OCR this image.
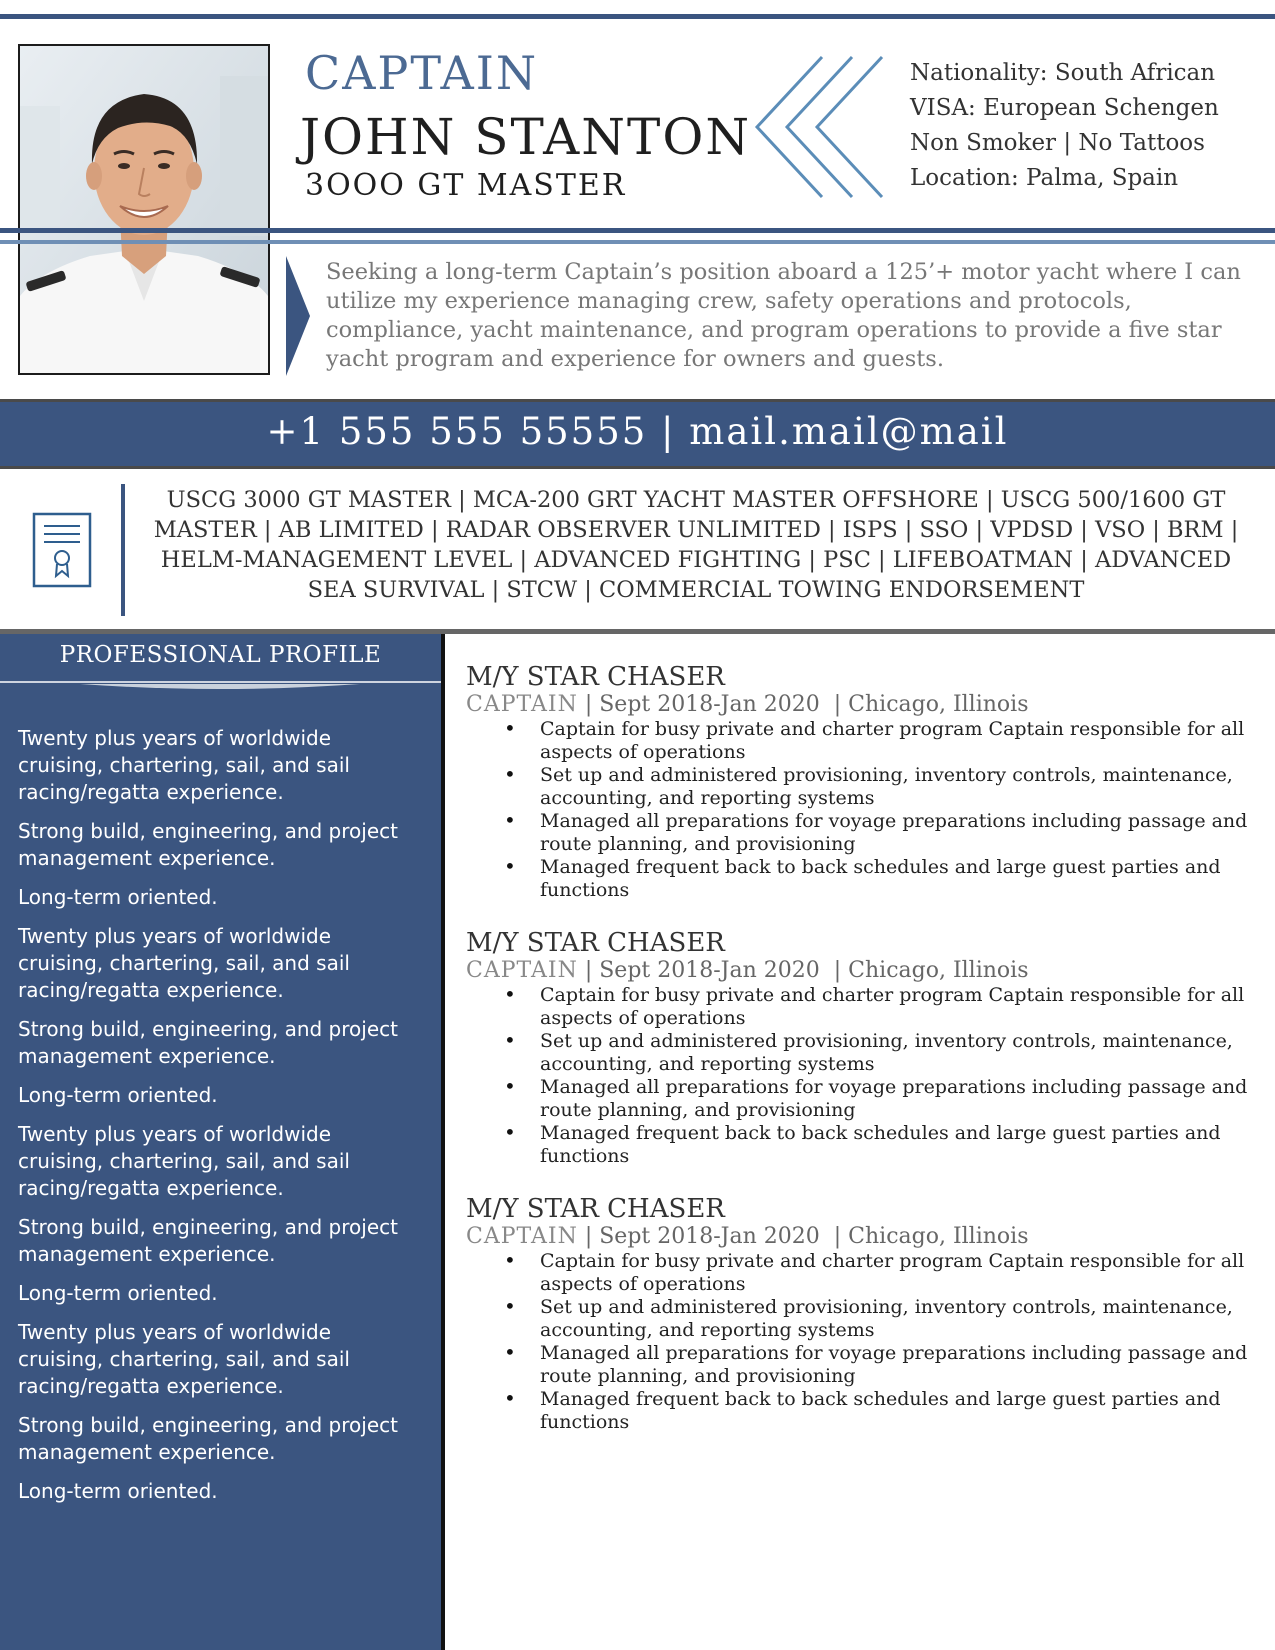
CAPTAIN
JOHN STANTON
3OOO GT MASTER
Nationality: South African
VISA: European Schengen
Non Smoker | No Tattoos
Location: Palma, Spain
Seeking a long-term Captain’s position aboard a 125’+ motor yacht where I can utilize my experience managing crew, safety operations and protocols, compliance, yacht maintenance, and program operations to provide a five star yacht program and experience for owners and guests.
+1 555 555 55555 | mail.mail@mail
USCG 3000 GT MASTER | MCA-200 GRT YACHT MASTER OFFSHORE | USCG 500/1600 GT MASTER | AB LIMITED | RADAR OBSERVER UNLIMITED | ISPS | SSO | VPDSD | VSO | BRM | HELM-MANAGEMENT LEVEL | ADVANCED FIGHTING | PSC | LIFEBOATMAN | ADVANCED SEA SURVIVAL | STCW | COMMERCIAL TOWING ENDORSEMENT
PROFESSIONAL PROFILE
Twenty plus years of worldwide cruising, chartering, sail, and sail racing/regatta experience.
Strong build, engineering, and project management experience.
Long-term oriented.
Twenty plus years of worldwide cruising, chartering, sail, and sail racing/regatta experience.
Strong build, engineering, and project management experience.
Long-term oriented.
Twenty plus years of worldwide cruising, chartering, sail, and sail racing/regatta experience.
Strong build, engineering, and project management experience.
Long-term oriented.
Twenty plus years of worldwide cruising, chartering, sail, and sail racing/regatta experience.
Strong build, engineering, and project management experience.
Long-term oriented.
M/Y STAR CHASER
CAPTAIN | Sept 2018-Jan 2020  | Chicago, Illinois
• Captain for busy private and charter program Captain responsible for all aspects of operations
• Set up and administered provisioning, inventory controls, maintenance, accounting, and reporting systems
• Managed all preparations for voyage preparations including passage and route planning, and provisioning
• Managed frequent back to back schedules and large guest parties and functions
M/Y STAR CHASER
CAPTAIN | Sept 2018-Jan 2020  | Chicago, Illinois
• Captain for busy private and charter program Captain responsible for all aspects of operations
• Set up and administered provisioning, inventory controls, maintenance, accounting, and reporting systems
• Managed all preparations for voyage preparations including passage and route planning, and provisioning
• Managed frequent back to back schedules and large guest parties and functions
M/Y STAR CHASER
CAPTAIN | Sept 2018-Jan 2020  | Chicago, Illinois
• Captain for busy private and charter program Captain responsible for all aspects of operations
• Set up and administered provisioning, inventory controls, maintenance, accounting, and reporting systems
• Managed all preparations for voyage preparations including passage and route planning, and provisioning
• Managed frequent back to back schedules and large guest parties and functions
